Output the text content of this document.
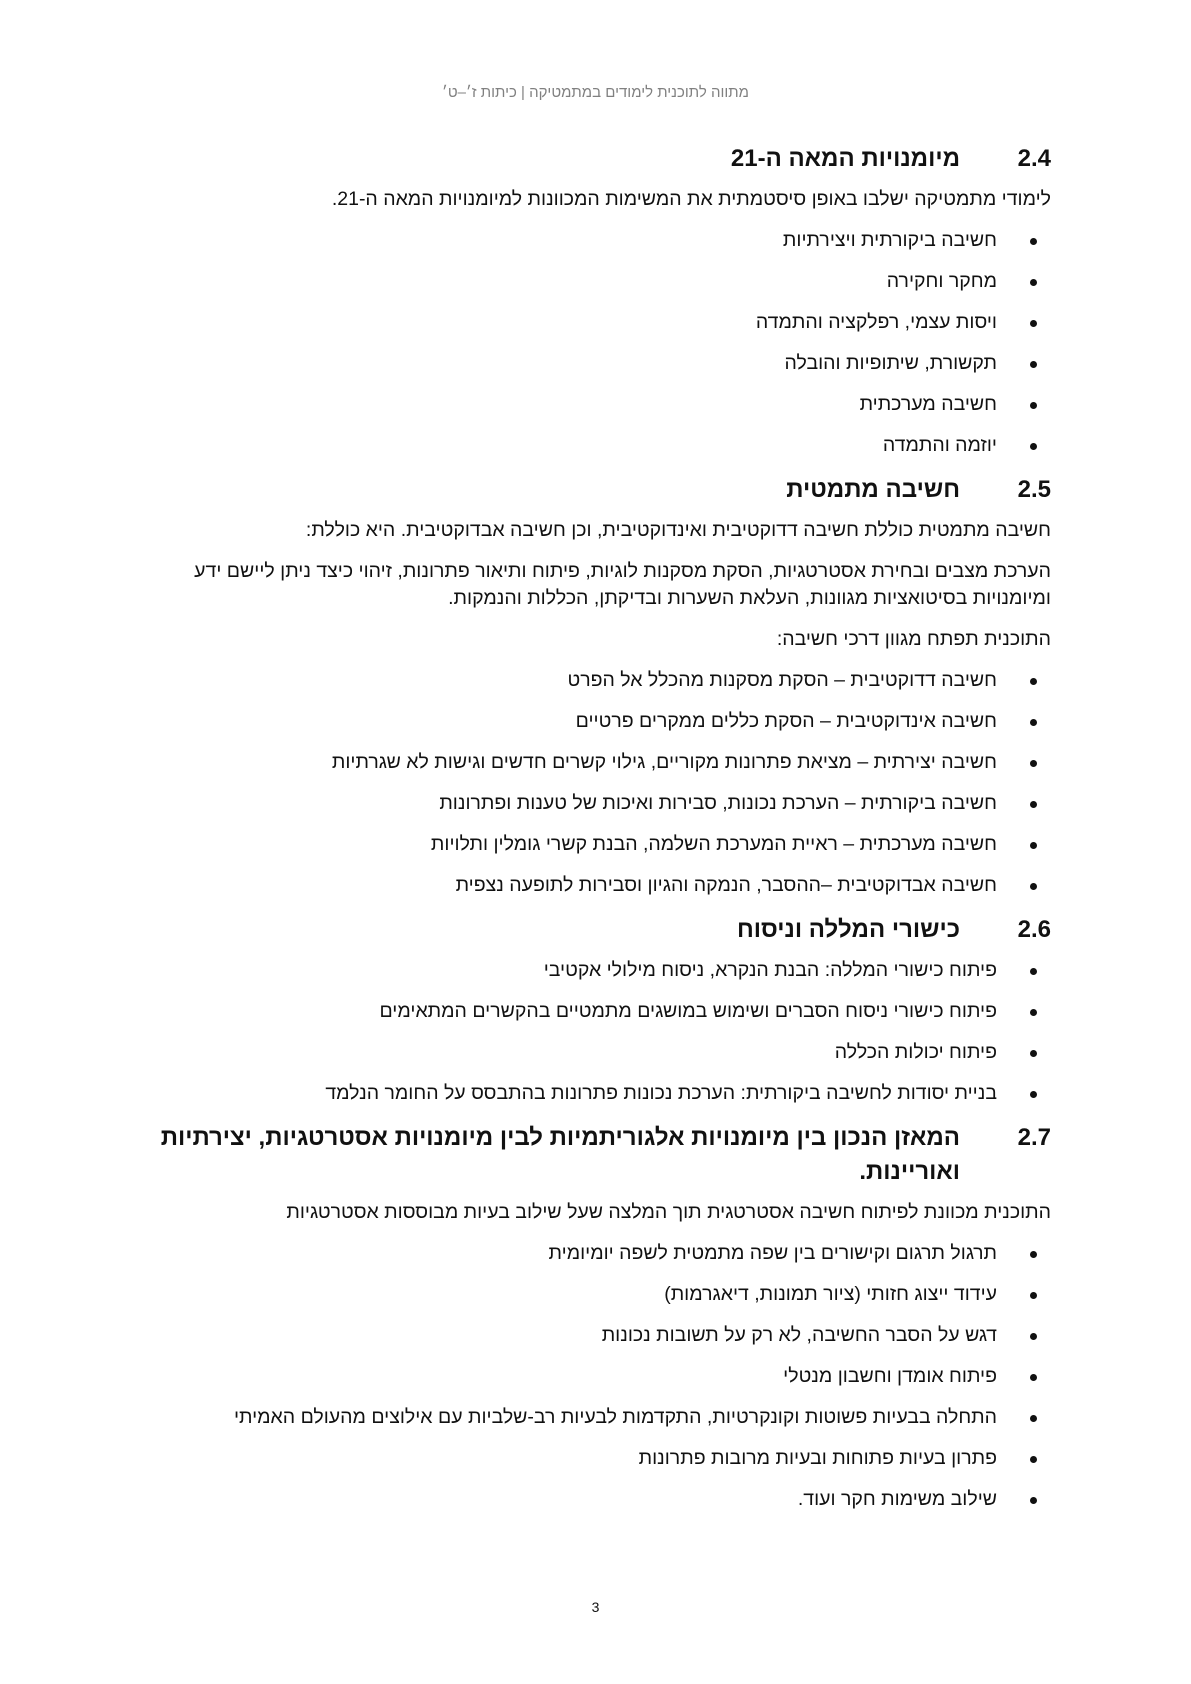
מתווה לתוכנית לימודים במתמטיקה | כיתות ז׳–ט׳
2.4
מיומנויות המאה ה-21

לימודי מתמטיקה ישלבו באופן סיסטמתית את המשימות המכוונות למיומנויות המאה ה-21.

חשיבה ביקורתית ויצירתיות
מחקר וחקירה
ויסות עצמי, רפלקציה והתמדה
תקשורת, שיתופיות והובלה
חשיבה מערכתית
יוזמה והתמדה
2.5
חשיבה מתמטית

חשיבה מתמטית כוללת חשיבה דדוקטיבית ואינדוקטיבית, וכן חשיבה אבדוקטיבית. היא כוללת:

הערכת מצבים ובחירת אסטרטגיות, הסקת מסקנות לוגיות, פיתוח ותיאור פתרונות, זיהוי כיצד ניתן ליישם ידע ומיומנויות בסיטואציות מגוונות, העלאת השערות ובדיקתן, הכללות והנמקות.

התוכנית תפתח מגוון דרכי חשיבה:

חשיבה דדוקטיבית – הסקת מסקנות מהכלל אל הפרט
חשיבה אינדוקטיבית – הסקת כללים ממקרים פרטיים
חשיבה יצירתית – מציאת פתרונות מקוריים, גילוי קשרים חדשים וגישות לא שגרתיות
חשיבה ביקורתית – הערכת נכונות, סבירות ואיכות של טענות ופתרונות
חשיבה מערכתית – ראיית המערכת השלמה, הבנת קשרי גומלין ותלויות
חשיבה אבדוקטיבית –ההסבר, הנמקה והגיון וסבירות לתופעה נצפית
2.6
כישורי המללה וניסוח
פיתוח כישורי המללה: הבנת הנקרא, ניסוח מילולי אקטיבי
פיתוח כישורי ניסוח הסברים ושימוש במושגים מתמטיים בהקשרים המתאימים
פיתוח יכולות הכללה
בניית יסודות לחשיבה ביקורתית: הערכת נכונות פתרונות בהתבסס על החומר הנלמד
2.7
המאזן הנכון בין מיומנויות אלגוריתמיות לבין מיומנויות אסטרטגיות, יצירתיות ואוריינות.

התוכנית מכוונת לפיתוח חשיבה אסטרטגית תוך המלצה שעל שילוב בעיות מבוססות אסטרטגיות

תרגול תרגום וקישורים בין שפה מתמטית לשפה יומיומית
עידוד ייצוג חזותי (ציור תמונות, דיאגרמות)
דגש על הסבר החשיבה, לא רק על תשובות נכונות
פיתוח אומדן וחשבון מנטלי
התחלה בבעיות פשוטות וקונקרטיות, התקדמות לבעיות רב-שלביות עם אילוצים מהעולם האמיתי
פתרון בעיות פתוחות ובעיות מרובות פתרונות
שילוב משימות חקר ועוד.
3
